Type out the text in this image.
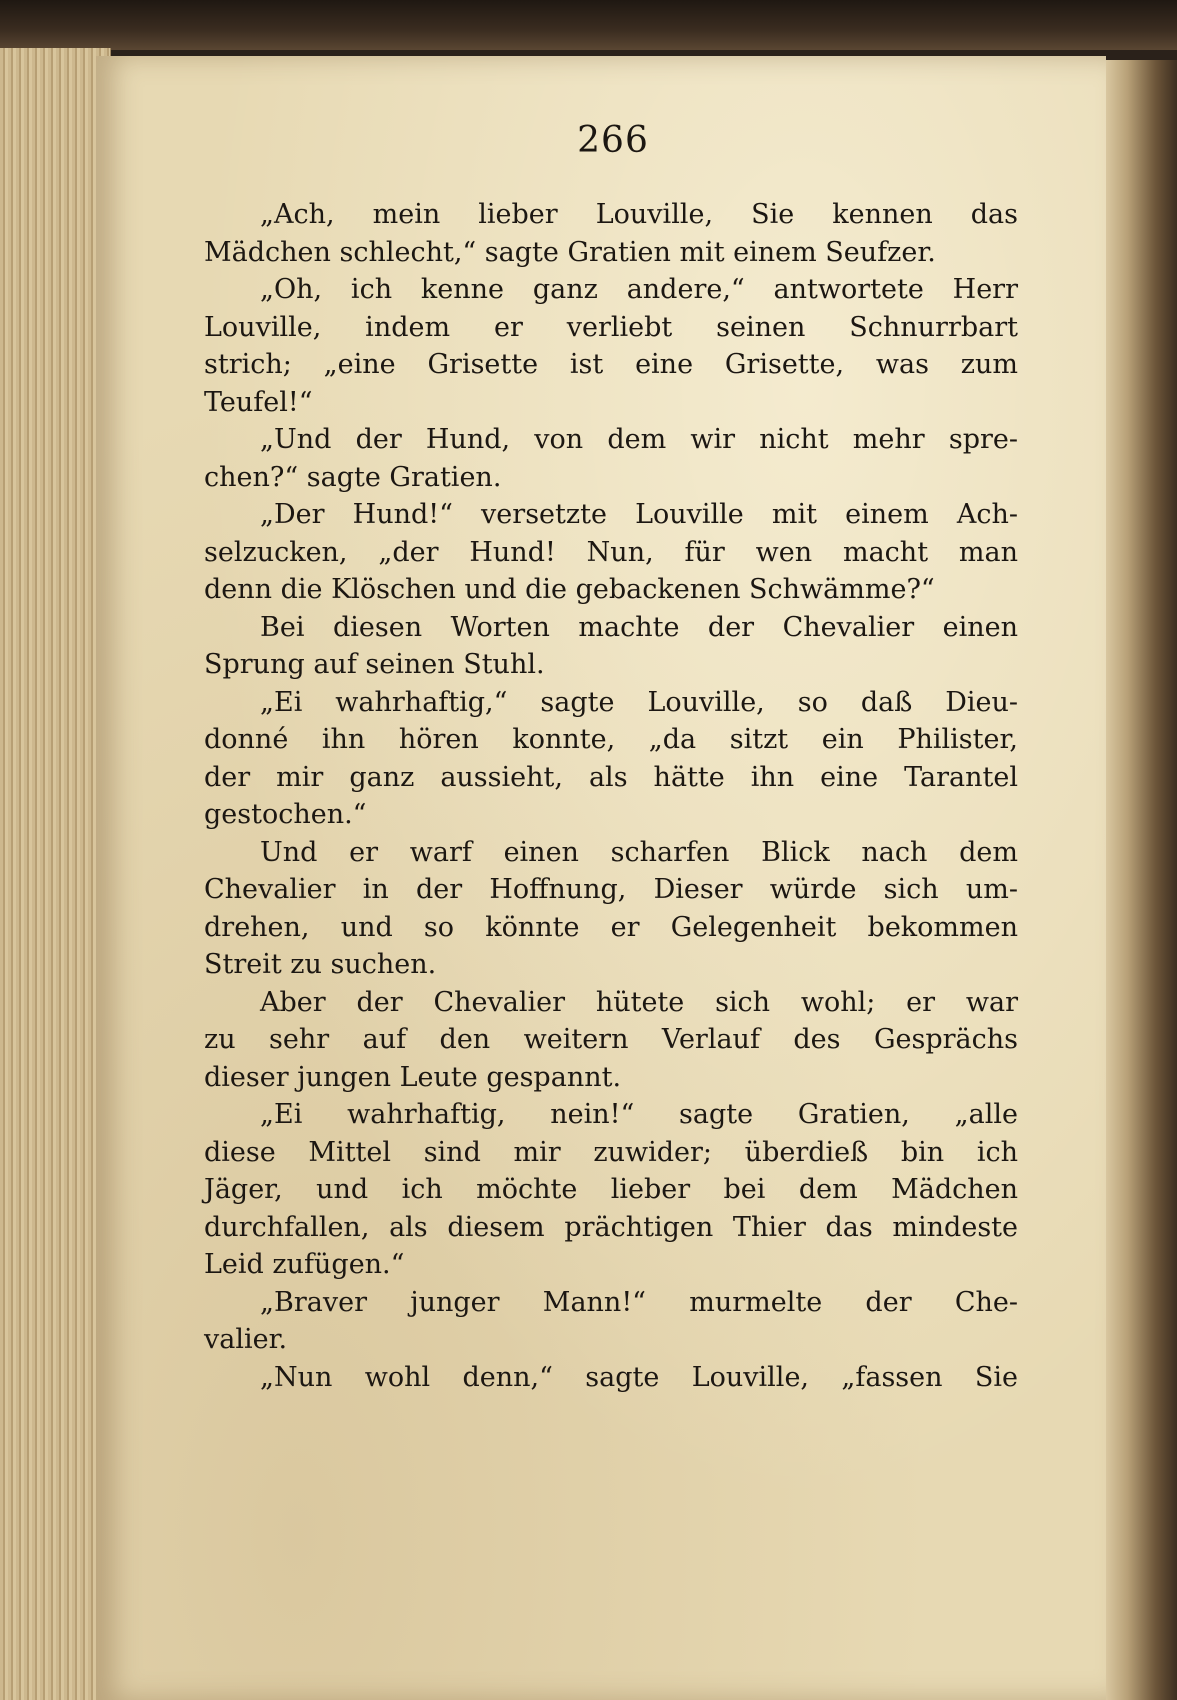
266
„Ach, mein lieber Louville, Sie kennen das
Mädchen schlecht,“ sagte Gratien mit einem Seufzer.
„Oh, ich kenne ganz andere,“ antwortete Herr
Louville, indem er verliebt seinen Schnurrbart
strich; „eine Grisette ist eine Grisette, was zum
Teufel!“
„Und der Hund, von dem wir nicht mehr spre-
chen?“ sagte Gratien.
„Der Hund!“ versetzte Louville mit einem Ach-
selzucken, „der Hund! Nun, für wen macht man
denn die Klöschen und die gebackenen Schwämme?“
Bei diesen Worten machte der Chevalier einen
Sprung auf seinen Stuhl.
„Ei wahrhaftig,“ sagte Louville, so daß Dieu-
donné ihn hören konnte, „da sitzt ein Philister,
der mir ganz aussieht, als hätte ihn eine Tarantel
gestochen.“
Und er warf einen scharfen Blick nach dem
Chevalier in der Hoffnung, Dieser würde sich um-
drehen, und so könnte er Gelegenheit bekommen
Streit zu suchen.
Aber der Chevalier hütete sich wohl; er war
zu sehr auf den weitern Verlauf des Gesprächs
dieser jungen Leute gespannt.
„Ei wahrhaftig, nein!“ sagte Gratien, „alle
diese Mittel sind mir zuwider; überdieß bin ich
Jäger, und ich möchte lieber bei dem Mädchen
durchfallen, als diesem prächtigen Thier das mindeste
Leid zufügen.“
„Braver junger Mann!“ murmelte der Che-
valier.
„Nun wohl denn,“ sagte Louville, „fassen Sie
